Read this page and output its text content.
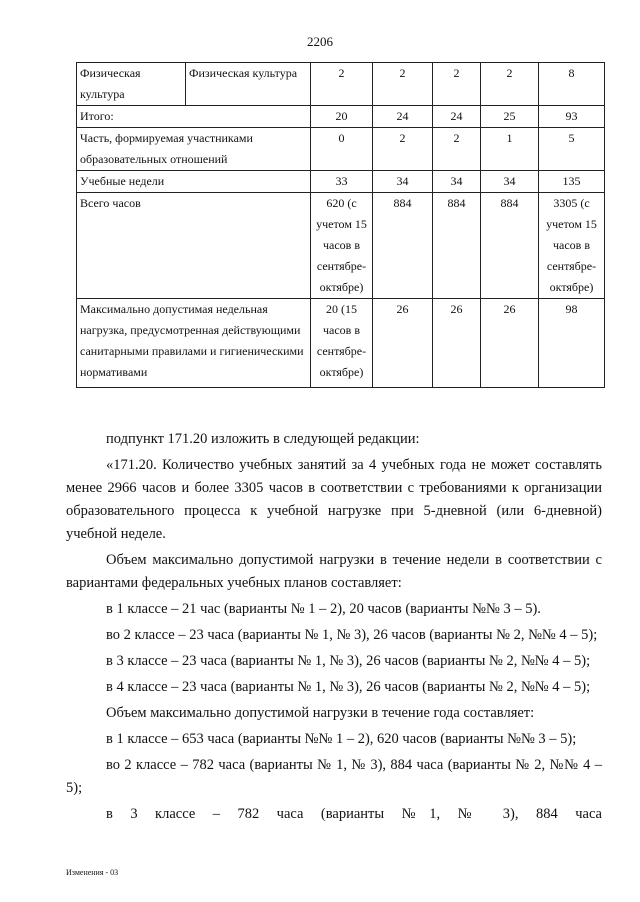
2206
Физическая культура	Физическая культура	2	2	2	2	8
Итого:		20	24	24	25	93
Часть, формируемая участниками образовательных отношений		0	2	2	1	5
Учебные недели		33	34	34	34	135
Всего часов		620 (с учетом 15 часов в сентябре-октябре)	884	884	884	3305 (с учетом 15 часов в сентябре-октябре)
Максимально допустимая недельная нагрузка, предусмотренная действующими санитарными правилами и гигиеническими нормативами		20 (15 часов в сентябре-октябре)	26	26	26	98

подпункт 171.20 изложить в следующей редакции:

«171.20. Количество учебных занятий за 4 учебных года не может составлять менее 2966 часов и более 3305 часов в соответствии с требованиями к организации образовательного процесса к учебной нагрузке при 5-дневной (или 6-дневной) учебной неделе.

Объем максимально допустимой нагрузки в течение недели в соответствии с вариантами федеральных учебных планов составляет:

в 1 классе – 21 час (варианты № 1 – 2), 20 часов (варианты №№ 3 – 5).

во 2 классе – 23 часа (варианты № 1, № 3), 26 часов (варианты № 2, №№ 4 – 5);

в 3 классе – 23 часа (варианты № 1, № 3), 26 часов (варианты № 2, №№ 4 – 5);

в 4 классе – 23 часа (варианты № 1, № 3), 26 часов (варианты № 2, №№ 4 – 5);

Объем максимально допустимой нагрузки в течение года составляет:

в 1 классе – 653 часа (варианты №№ 1 – 2), 620 часов (варианты №№ 3 – 5);

во 2 классе – 782 часа (варианты № 1, № 3), 884 часа (варианты № 2, №№ 4 – 5);

в 3 классе – 782 часа (варианты №1, № 3), 884 часа

Изменения - 03
